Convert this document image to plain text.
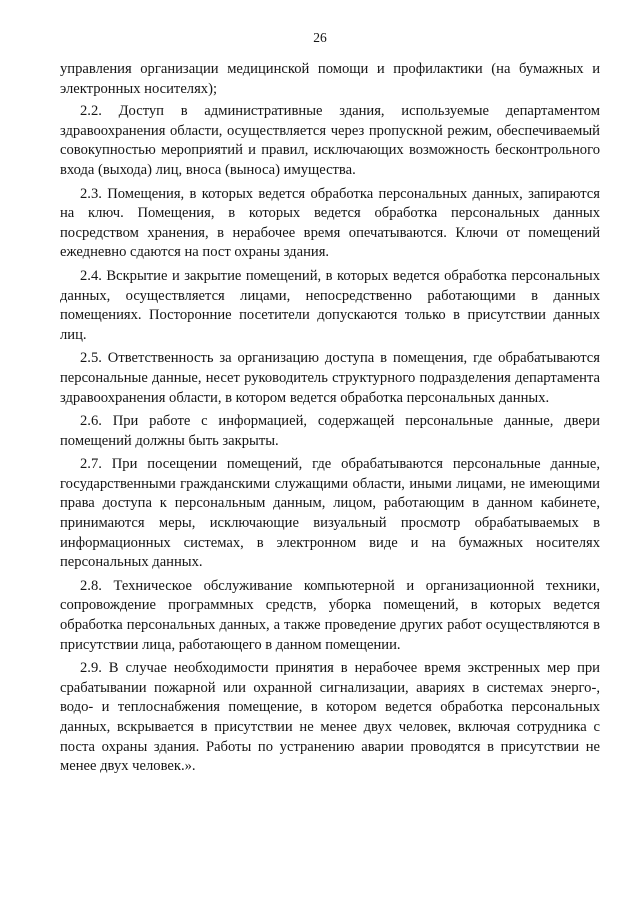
26

управления организации медицинской помощи и профилактики (на бумажных и электронных носителях);

2.2. Доступ в административные здания, используемые департаментом здравоохранения области, осуществляется через пропускной режим, обеспечиваемый совокупностью мероприятий и правил, исключающих возможность бесконтрольного входа (выхода) лиц, вноса (выноса) имущества.

2.3. Помещения, в которых ведется обработка персональных данных, запираются на ключ. Помещения, в которых ведется обработка персональных данных посредством хранения, в нерабочее время опечатываются. Ключи от помещений ежедневно сдаются на пост охраны здания.

2.4. Вскрытие и закрытие помещений, в которых ведется обработка персональных данных, осуществляется лицами, непосредственно работающими в данных помещениях. Посторонние посетители допускаются только в присутствии данных лиц.

2.5. Ответственность за организацию доступа в помещения, где обрабатываются персональные данные, несет руководитель структурного подразделения департамента здравоохранения области, в котором ведется обработка персональных данных.

2.6. При работе с информацией, содержащей персональные данные, двери помещений должны быть закрыты.

2.7. При посещении помещений, где обрабатываются персональные данные, государственными гражданскими служащими области, иными лицами, не имеющими права доступа к персональным данным, лицом, работающим в данном кабинете, принимаются меры, исключающие визуальный просмотр обрабатываемых в информационных системах, в электронном виде и на бумажных носителях персональных данных.

2.8. Техническое обслуживание компьютерной и организационной техники, сопровождение программных средств, уборка помещений, в которых ведется обработка персональных данных, а также проведение других работ осуществляются в присутствии лица, работающего в данном помещении.

2.9. В случае необходимости принятия в нерабочее время экстренных мер при срабатывании пожарной или охранной сигнализации, авариях в системах энерго-, водо- и теплоснабжения помещение, в котором ведется обработка персональных данных, вскрывается в присутствии не менее двух человек, включая сотрудника с поста охраны здания. Работы по устранению аварии проводятся в присутствии не менее двух человек.».
